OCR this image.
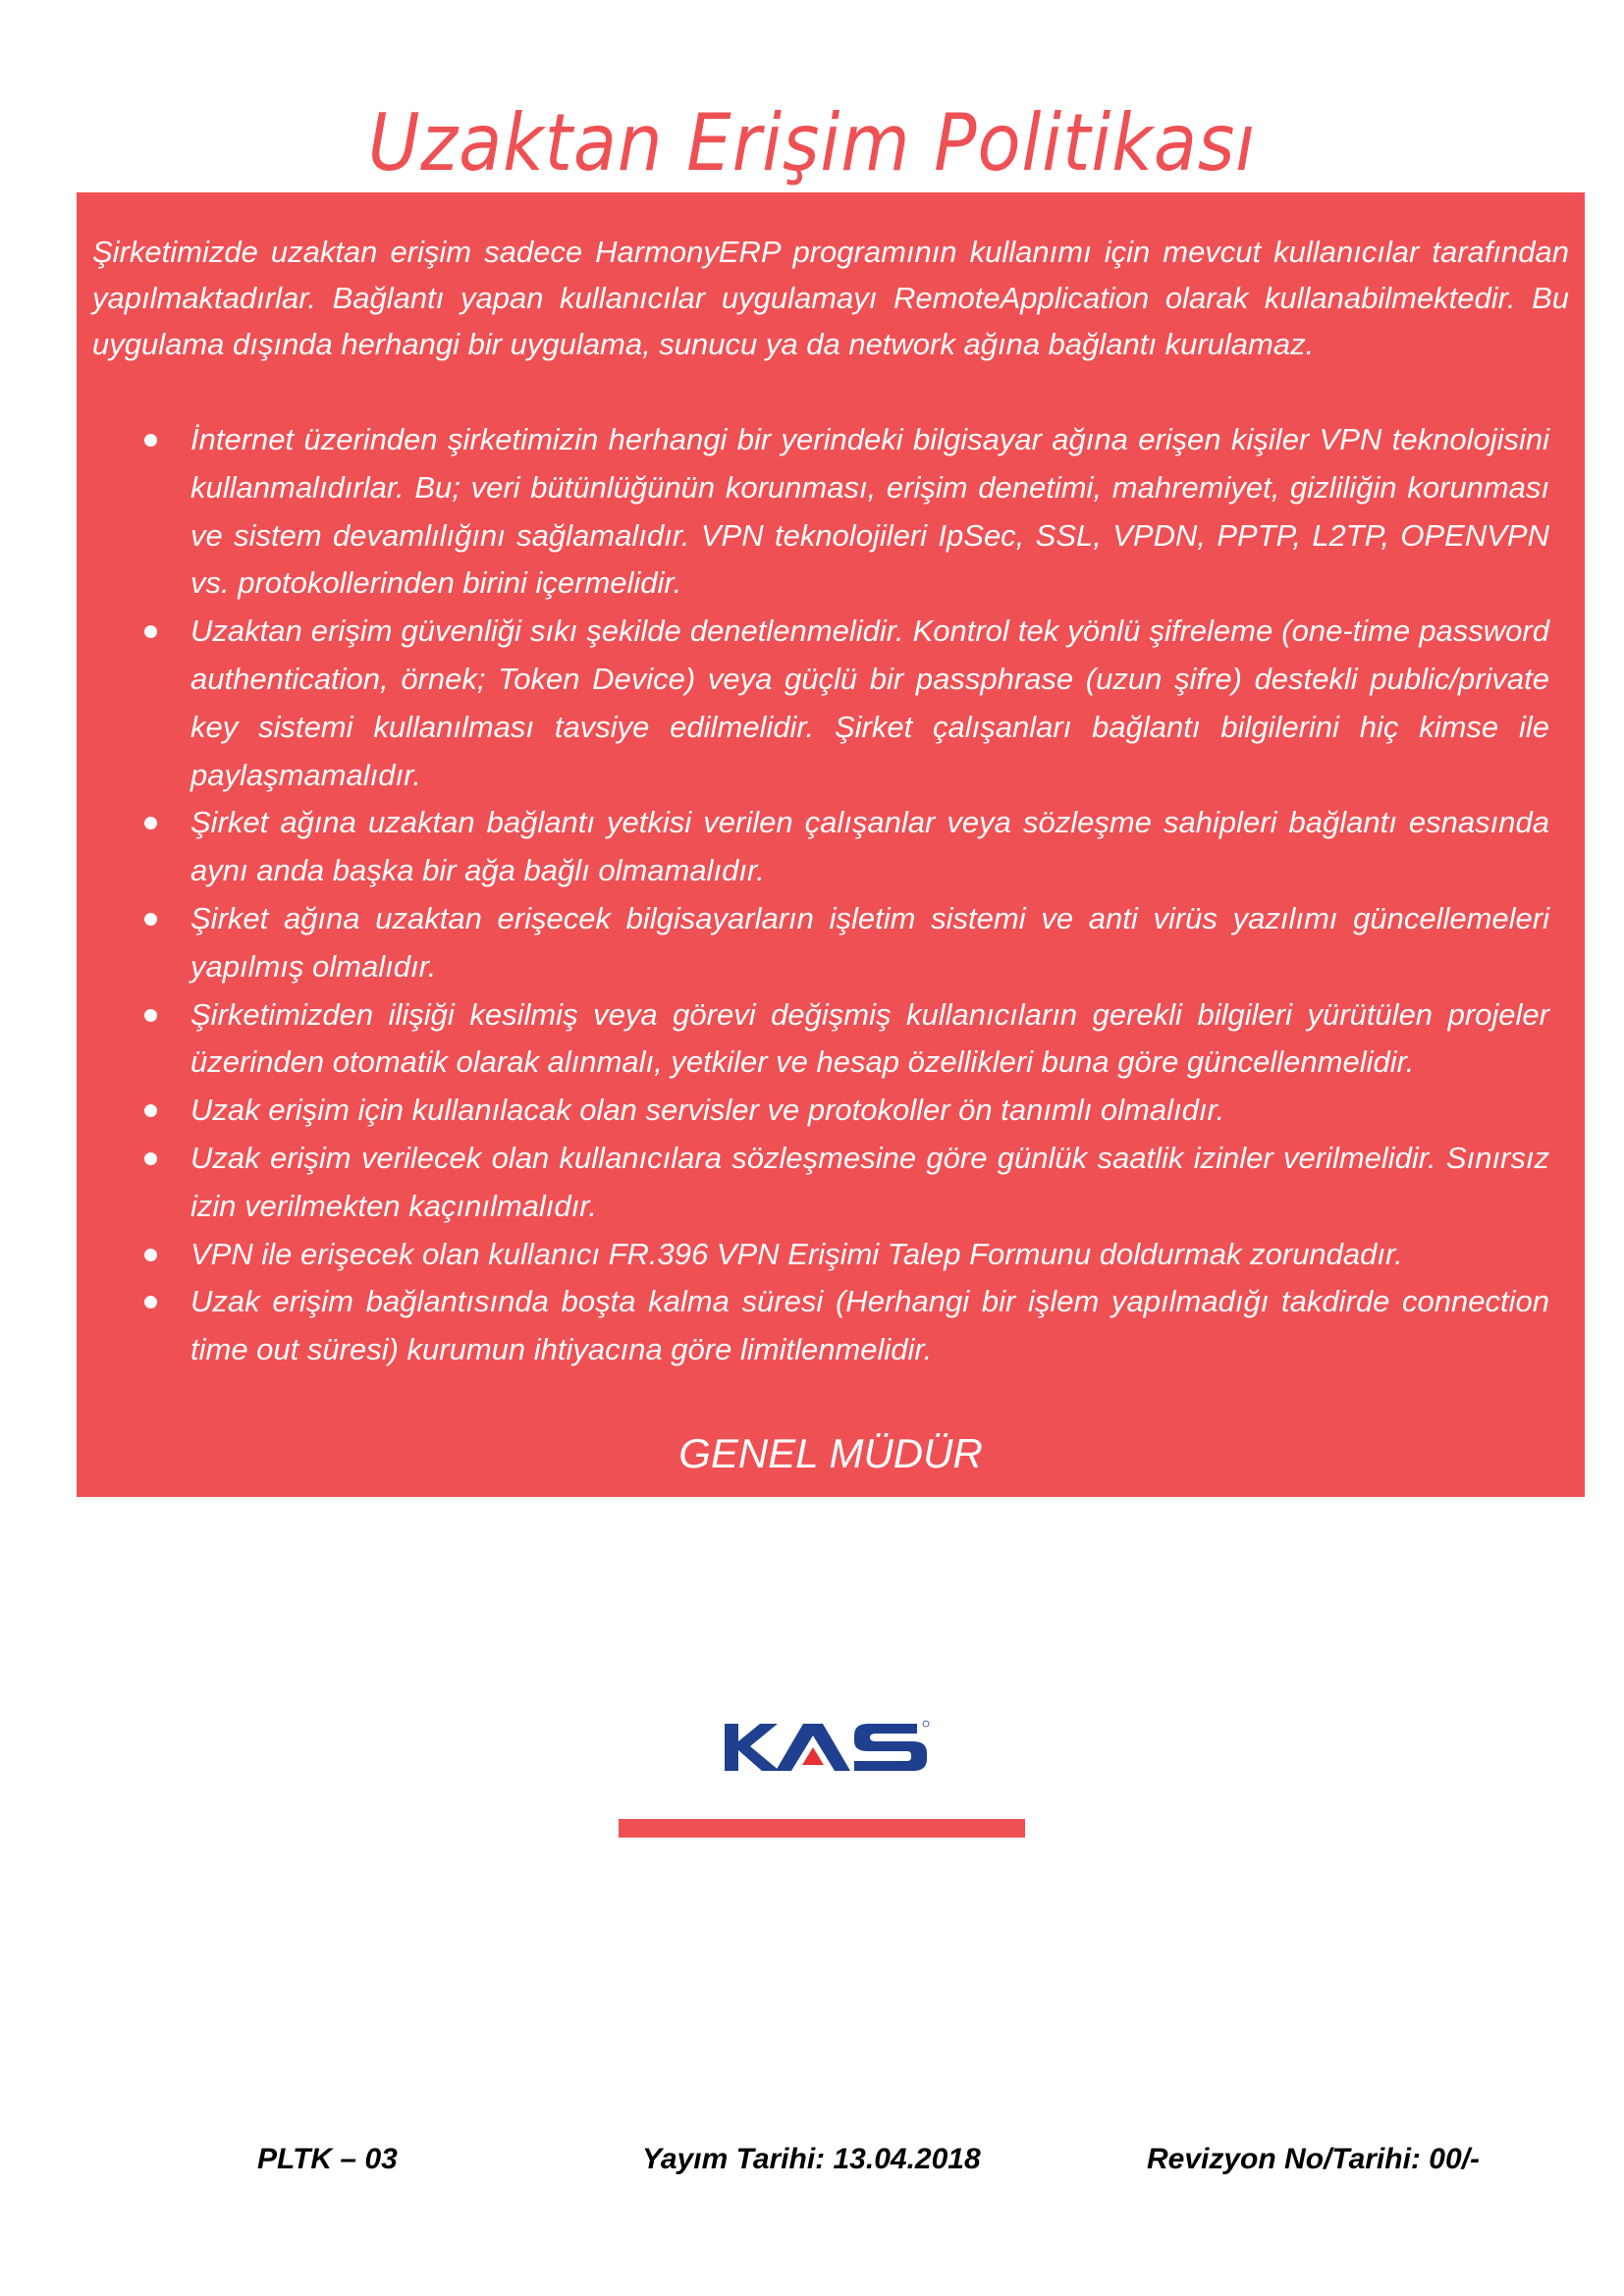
Uzaktan Erişim Politikası

Şirketimizde uzaktan erişim sadece HarmonyERP programının kullanımı için mevcut kullanıcılar tarafından yapılmaktadırlar. Bağlantı yapan kullanıcılar uygulamayı RemoteApplication olarak kullanabilmektedir. Bu uygulama dışında herhangi bir uygulama, sunucu ya da network ağına bağlantı kurulamaz.

İnternet üzerinden şirketimizin herhangi bir yerindeki bilgisayar ağına erişen kişiler VPN teknolojisini kullanmalıdırlar. Bu; veri bütünlüğünün korunması, erişim denetimi, mahremiyet, gizliliğin korunması ve sistem devamlılığını sağlamalıdır. VPN teknolojileri IpSec, SSL, VPDN, PPTP, L2TP, OPENVPN vs. protokollerinden birini içermelidir.
Uzaktan erişim güvenliği sıkı şekilde denetlenmelidir. Kontrol tek yönlü şifreleme (one-time password authentication, örnek; Token Device) veya güçlü bir passphrase (uzun şifre) destekli public/private key sistemi kullanılması tavsiye edilmelidir. Şirket çalışanları bağlantı bilgilerini hiç kimse ile paylaşmamalıdır.
Şirket ağına uzaktan bağlantı yetkisi verilen çalışanlar veya sözleşme sahipleri bağlantı esnasında aynı anda başka bir ağa bağlı olmamalıdır.
Şirket ağına uzaktan erişecek bilgisayarların işletim sistemi ve anti virüs yazılımı güncellemeleri yapılmış olmalıdır.
Şirketimizden ilişiği kesilmiş veya görevi değişmiş kullanıcıların gerekli bilgileri yürütülen projeler üzerinden otomatik olarak alınmalı, yetkiler ve hesap özellikleri buna göre güncellenmelidir.
Uzak erişim için kullanılacak olan servisler ve protokoller ön tanımlı olmalıdır.
Uzak erişim verilecek olan kullanıcılara sözleşmesine göre günlük saatlik izinler verilmelidir. Sınırsız izin verilmekten kaçınılmalıdır.
VPN ile erişecek olan kullanıcı FR.396 VPN Erişimi Talep Formunu doldurmak zorundadır.
Uzak erişim bağlantısında boşta kalma süresi (Herhangi bir işlem yapılmadığı takdirde connection time out süresi) kurumun ihtiyacına göre limitlenmelidir.
GENEL MÜDÜR
PLTK – 03	Yayım Tarihi: 13.04.2018	Revizyon No/Tarihi: 00/-
